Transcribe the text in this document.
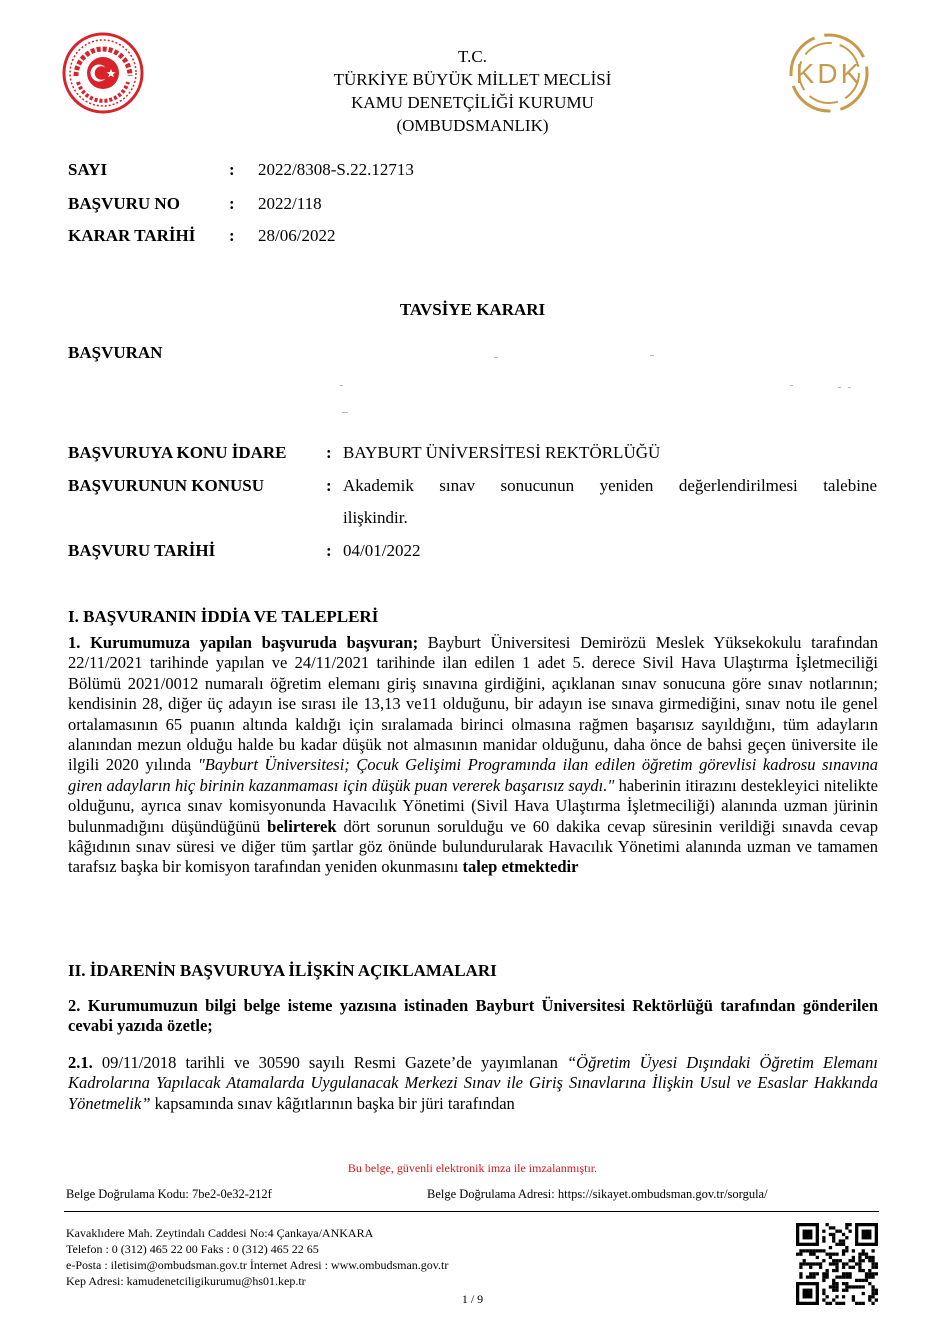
T.C.
TÜRKİYE BÜYÜK MİLLET MECLİSİ
KAMU DENETÇİLİĞİ KURUMU
(OMBUDSMANLIK)
KDK
SAYI	: 2022/8308-S.22.12713
BAŞVURU NO	: 2022/118
KARAR TARİHİ : 28/06/2022
TAVSİYE KARARI
BAŞVURAN
BAŞVURUYA KONU İDARE : BAYBURT ÜNİVERSİTESİ REKTÖRLÜĞÜ
BAŞVURUNUN KONUSU	: Akademik sınav sonucunun yeniden değerlendirilmesi talebine
ilişkindir.
BAŞVURU TARİHİ	: 04/01/2022
I. BAŞVURANIN İDDİA VE TALEPLERİ
1. Kurumumuza yapılan başvuruda başvuran; Bayburt Üniversitesi Demirözü Meslek Yüksekokulu tarafından 22/11/2021 tarihinde yapılan ve 24/11/2021 tarihinde ilan edilen 1 adet 5. derece Sivil Hava Ulaştırma İşletmeciliği Bölümü 2021/0012 numaralı öğretim elemanı giriş sınavına girdiğini, açıklanan sınav sonucuna göre sınav notlarının; kendisinin 28, diğer üç adayın ise sırası ile 13,13 ve11 olduğunu, bir adayın ise sınava girmediğini, sınav notu ile genel ortalamasının 65 puanın altında kaldığı için sıralamada birinci olmasına rağmen başarısız sayıldığını, tüm adayların alanından mezun olduğu halde bu kadar düşük not almasının manidar olduğunu, daha önce de bahsi geçen üniversite ile ilgili 2020 yılında "Bayburt Üniversitesi; Çocuk Gelişimi Programında ilan edilen öğretim görevlisi kadrosu sınavına giren adayların hiç birinin kazanmaması için düşük puan vererek başarısız saydı." haberinin itirazını destekleyici nitelikte olduğunu, ayrıca sınav komisyonunda Havacılık Yönetimi (Sivil Hava Ulaştırma İşletmeciliği) alanında uzman jürinin bulunmadığını düşündüğünü belirterek dört sorunun sorulduğu ve 60 dakika cevap süresinin verildiği sınavda cevap kâğıdının sınav süresi ve diğer tüm şartlar göz önünde bulundurularak Havacılık Yönetimi alanında uzman ve tamamen tarafsız başka bir komisyon tarafından yeniden okunmasını talep etmektedir
II. İDARENİN BAŞVURUYA İLİŞKİN AÇIKLAMALARI
2. Kurumumuzun bilgi belge isteme yazısına istinaden Bayburt Üniversitesi Rektörlüğü tarafından gönderilen cevabi yazıda özetle;
2.1. 09/11/2018 tarihli ve 30590 sayılı Resmi Gazete’de yayımlanan “Öğretim Üyesi Dışındaki Öğretim Elemanı Kadrolarına Yapılacak Atamalarda Uygulanacak Merkezi Sınav ile Giriş Sınavlarına İlişkin Usul ve Esaslar Hakkında Yönetmelik” kapsamında sınav kâğıtlarının başka bir jüri tarafından
Bu belge, güvenli elektronik imza ile imzalanmıştır.
Belge Doğrulama Kodu: 7be2-0e32-212f	Belge Doğrulama Adresi: https://sikayet.ombudsman.gov.tr/sorgula/
Kavaklıdere Mah. Zeytindalı Caddesi No:4 Çankaya/ANKARA
Telefon : 0 (312) 465 22 00 Faks : 0 (312) 465 22 65
e-Posta : iletisim@ombudsman.gov.tr İnternet Adresi : www.ombudsman.gov.tr
Kep Adresi: kamudenetciligikurumu@hs01.kep.tr
1 / 9
